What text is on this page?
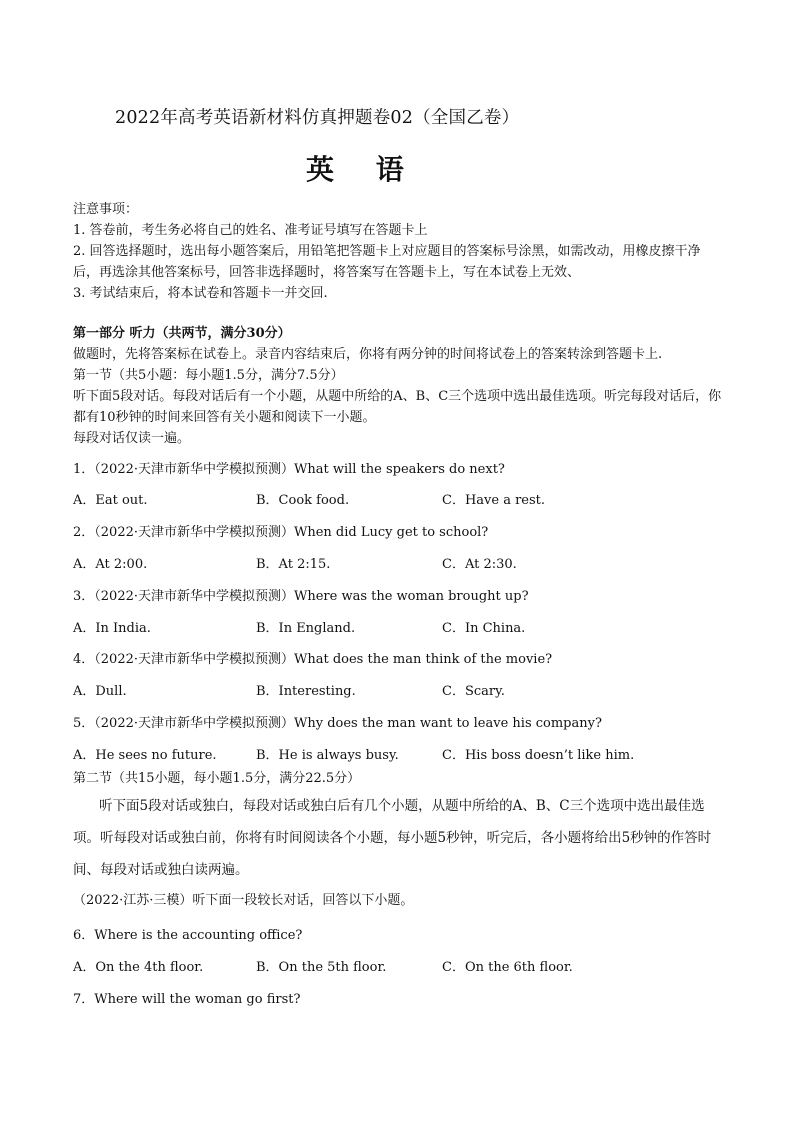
2022年高考英语新材料仿真押题卷02（全国乙卷）
英 语
注意事项：
1. 答卷前，考生务必将自己的姓名、准考证号填写在答题卡上
2. 回答选择题时，选出每小题答案后，用铅笔把答题卡上对应题目的答案标号涂黑，如需改动，用橡皮擦干净后，再选涂其他答案标号，回答非选择题时，将答案写在答题卡上，写在本试卷上无效、
3. 考试结束后，将本试卷和答题卡一并交回.
第一部分 听力（共两节，满分30分）
做题时，先将答案标在试卷上。录音内容结束后，你将有两分钟的时间将试卷上的答案转涂到答题卡上.
第一节（共5小题：每小题1.5分，满分7.5分）
听下面5段对话。每段对话后有一个小题，从题中所给的A、B、C三个选项中选出最佳选项。听完每段对话后，你都有10秒钟的时间来回答有关小题和阅读下一小题。
每段对话仅读一遍。
1．（2022·天津市新华中学模拟预测）What will the speakers do next?
A．Eat out.	B．Cook food.	C．Have a rest.
2．（2022·天津市新华中学模拟预测）When did Lucy get to school?
A．At 2:00.	B．At 2:15.	C．At 2:30.
3．（2022·天津市新华中学模拟预测）Where was the woman brought up?
A．In India.	B．In England.	C．In China.
4．（2022·天津市新华中学模拟预测）What does the man think of the movie?
A．Dull.	B．Interesting.	C．Scary.
5．（2022·天津市新华中学模拟预测）Why does the man want to leave his company?
A．He sees no future.	B．He is always busy.	C．His boss doesn’t like him.
第二节（共15小题，每小题1.5分，满分22.5分）
听下面5段对话或独白，每段对话或独白后有几个小题，从题中所给的A、B、C三个选项中选出最佳选项。听每段对话或独白前，你将有时间阅读各个小题，每小题5秒钟，听完后，各小题将给出5秒钟的作答时间、每段对话或独白读两遍。
（2022·江苏·三模）听下面一段较长对话，回答以下小题。
6．Where is the accounting office?
A．On the 4th floor.	B．On the 5th floor.	C．On the 6th floor.
7．Where will the woman go first?
